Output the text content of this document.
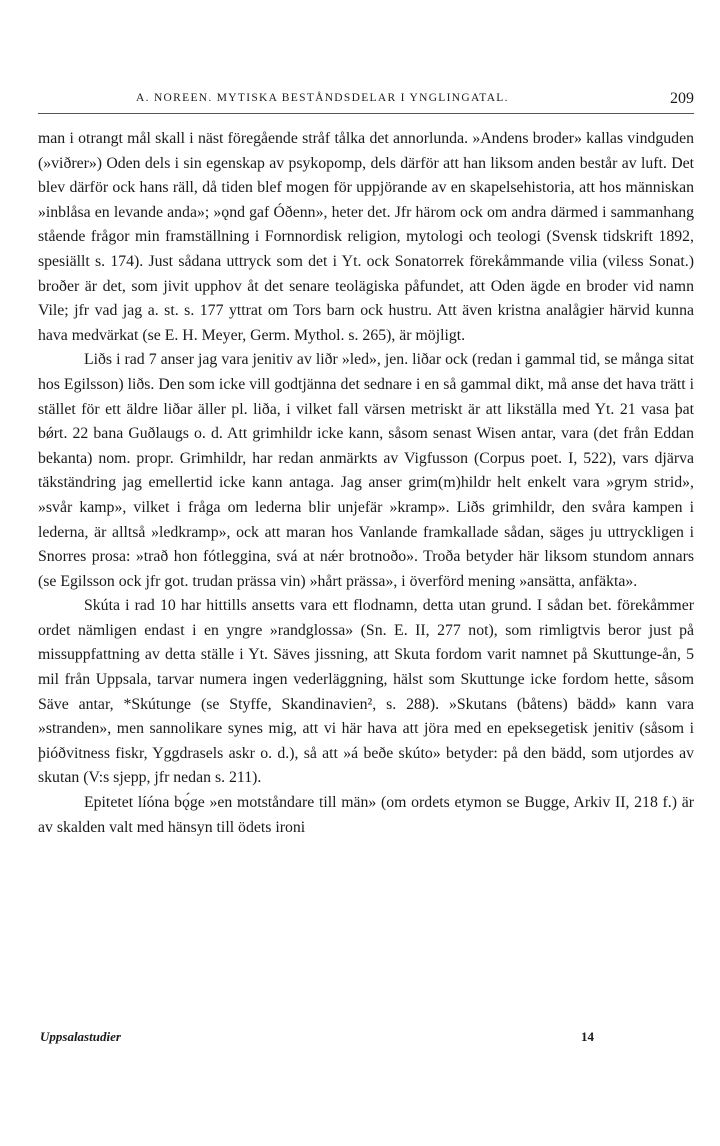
A. NOREEN. MYTISKA BESTÅNDSDELAR I YNGLINGATAL.	209

man i otrangt mål skall i näst föregående stråf tålka det annorlunda. »Andens broder» kallas vindguden (»viðrer») Oden dels i sin egenskap av psykopomp, dels därför att han liksom anden består av luft. Det blev därför ock hans räll, då tiden blef mogen för uppjörande av en skapelsehistoria, att hos människan »inblåsa en levande anda»; »ǫnd gaf Óðenn», heter det. Jfr härom ock om andra därmed i sammanhang stående frågor min framställning i Fornnordisk religion, mytologi och teologi (Svensk tidskrift 1892, spesiällt s. 174). Just sådana uttryck som det i Yt. ock Sonatorrek förekåmmande vilia (vilєss Sonat.) broðer är det, som jivit upphov åt det senare teolägiska påfundet, att Oden ägde en broder vid namn Vile; jfr vad jag a. st. s. 177 yttrat om Tors barn ock hustru. Att även kristna analågier härvid kunna hava medvärkat (se E. H. Meyer, Germ. Mythol. s. 265), är möjligt.

Liðs i rad 7 anser jag vara jenitiv av liðr »led», jen. liðar ock (redan i gammal tid, se många sitat hos Egilsson) liðs. Den som icke vill godtjänna det sednare i en så gammal dikt, må anse det hava trätt i stället för ett äldre liðar äller pl. liða, i vilket fall värsen metriskt är att likställa med Yt. 21 vasa þat bǿrt. 22 bana Guðlaugs o. d. Att grimhildr icke kann, såsom senast Wisen antar, vara (det från Eddan bekanta) nom. propr. Grimhildr, har redan anmärkts av Vigfusson (Corpus poet. I, 522), vars djärva täkständring jag emellertid icke kann antaga. Jag anser grim(m)hildr helt enkelt vara »grym strid», »svår kamp», vilket i fråga om lederna blir unjefär »kramp». Liðs grimhildr, den svåra kampen i lederna, är alltså »ledkramp», ock att maran hos Vanlande framkallade sådan, säges ju uttryckligen i Snorres prosa: »trað hon fótleggina, svá at nǽr brotnoðo». Troða betyder här liksom stundom annars (se Egilsson ock jfr got. trudan prässa vin) »hårt prässa», i överförd mening »ansätta, anfäkta».

Skúta i rad 10 har hittills ansetts vara ett flodnamn, detta utan grund. I sådan bet. förekåmmer ordet nämligen endast i en yngre »randglossa» (Sn. E. II, 277 not), som rimligtvis beror just på missuppfattning av detta ställe i Yt. Säves jissning, att Skuta fordom varit namnet på Skuttunge-ån, 5 mil från Uppsala, tarvar numera ingen vederläggning, hälst som Skuttunge icke fordom hette, såsom Säve antar, *Skútunge (se Styffe, Skandinavien², s. 288). »Skutans (båtens) bädd» kann vara »stranden», men sannolikare synes mig, att vi här hava att jöra med en epeksegetisk jenitiv (såsom i þióðvitness fiskr, Yggdrasels askr o. d.), så att »á beðe skúto» betyder: på den bädd, som utjordes av skutan (V:s sjepp, jfr nedan s. 211).

Epitetet líóna bǫ́ge »en motståndare till män» (om ordets etymon se Bugge, Arkiv II, 218 f.) är av skalden valt med hänsyn till ödets ironi

Uppsalastudier	14
